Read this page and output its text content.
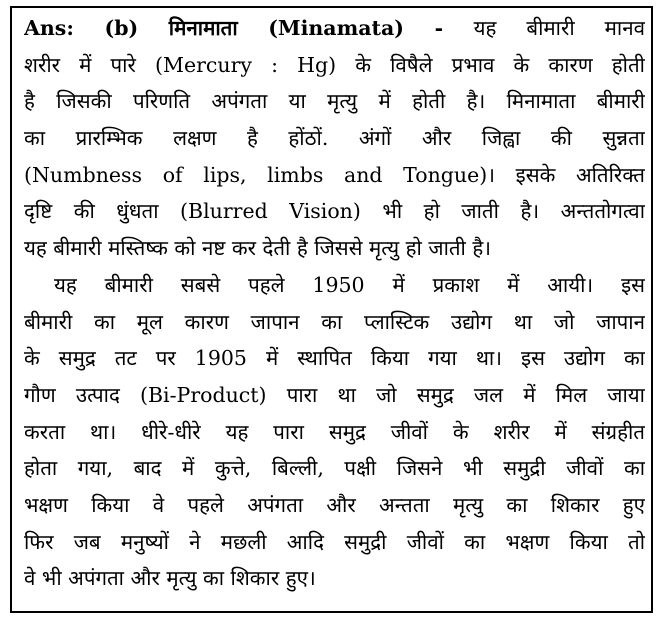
Ans: (b) मिनामाता (Minamata) - यह बीमारी मानव
शरीर में पारे (Mercury : Hg) के विषैले प्रभाव के कारण होती
है जिसकी परिणति अपंगता या मृत्यु में होती है। मिनामाता बीमारी
का प्रारम्भिक लक्षण है होंठों. अंगों और जिह्वा की सुन्नता
(Numbness of lips, limbs and Tongue)। इसके अतिरिक्त
दृष्टि की धुंधता (Blurred Vision) भी हो जाती है। अन्ततोगत्वा
यह बीमारी मस्तिष्क को नष्ट कर देती है जिससे मृत्यु हो जाती है।
यह बीमारी सबसे पहले 1950 में प्रकाश में आयी। इस
बीमारी का मूल कारण जापान का प्लास्टिक उद्योग था जो जापान
के समुद्र तट पर 1905 में स्थापित किया गया था। इस उद्योग का
गौण उत्पाद (Bi-Product) पारा था जो समुद्र जल में मिल जाया
करता था। धीरे-धीरे यह पारा समुद्र जीवों के शरीर में संग्रहीत
होता गया, बाद में कुत्ते, बिल्ली, पक्षी जिसने भी समुद्री जीवों का
भक्षण किया वे पहले अपंगता और अन्तता मृत्यु का शिकार हुए
फिर जब मनुष्यों ने मछली आदि समुद्री जीवों का भक्षण किया तो
वे भी अपंगता और मृत्यु का शिकार हुए।
